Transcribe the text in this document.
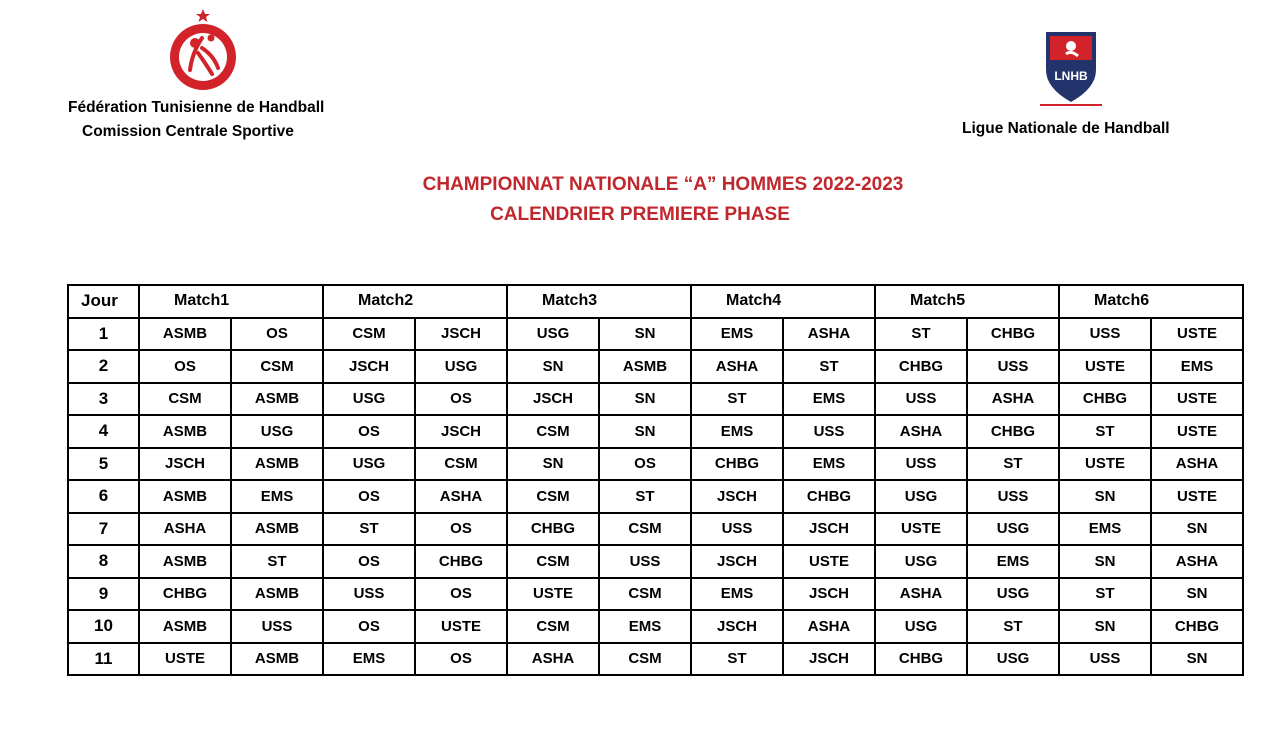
Fédération Tunisienne de Handball
Comission Centrale Sportive
LNHB
Ligue Nationale de Handball
CHAMPIONNAT NATIONALE “A” HOMMES 2022-2023
CALENDRIER PREMIERE PHASE
Jour	Match1		Match2		Match3		Match4		Match5		Match6	
1	ASMB	OS	CSM	JSCH	USG	SN	EMS	ASHA	ST	CHBG	USS	USTE
2	OS	CSM	JSCH	USG	SN	ASMB	ASHA	ST	CHBG	USS	USTE	EMS
3	CSM	ASMB	USG	OS	JSCH	SN	ST	EMS	USS	ASHA	CHBG	USTE
4	ASMB	USG	OS	JSCH	CSM	SN	EMS	USS	ASHA	CHBG	ST	USTE
5	JSCH	ASMB	USG	CSM	SN	OS	CHBG	EMS	USS	ST	USTE	ASHA
6	ASMB	EMS	OS	ASHA	CSM	ST	JSCH	CHBG	USG	USS	SN	USTE
7	ASHA	ASMB	ST	OS	CHBG	CSM	USS	JSCH	USTE	USG	EMS	SN
8	ASMB	ST	OS	CHBG	CSM	USS	JSCH	USTE	USG	EMS	SN	ASHA
9	CHBG	ASMB	USS	OS	USTE	CSM	EMS	JSCH	ASHA	USG	ST	SN
10	ASMB	USS	OS	USTE	CSM	EMS	JSCH	ASHA	USG	ST	SN	CHBG
11	USTE	ASMB	EMS	OS	ASHA	CSM	ST	JSCH	CHBG	USG	USS	SN
